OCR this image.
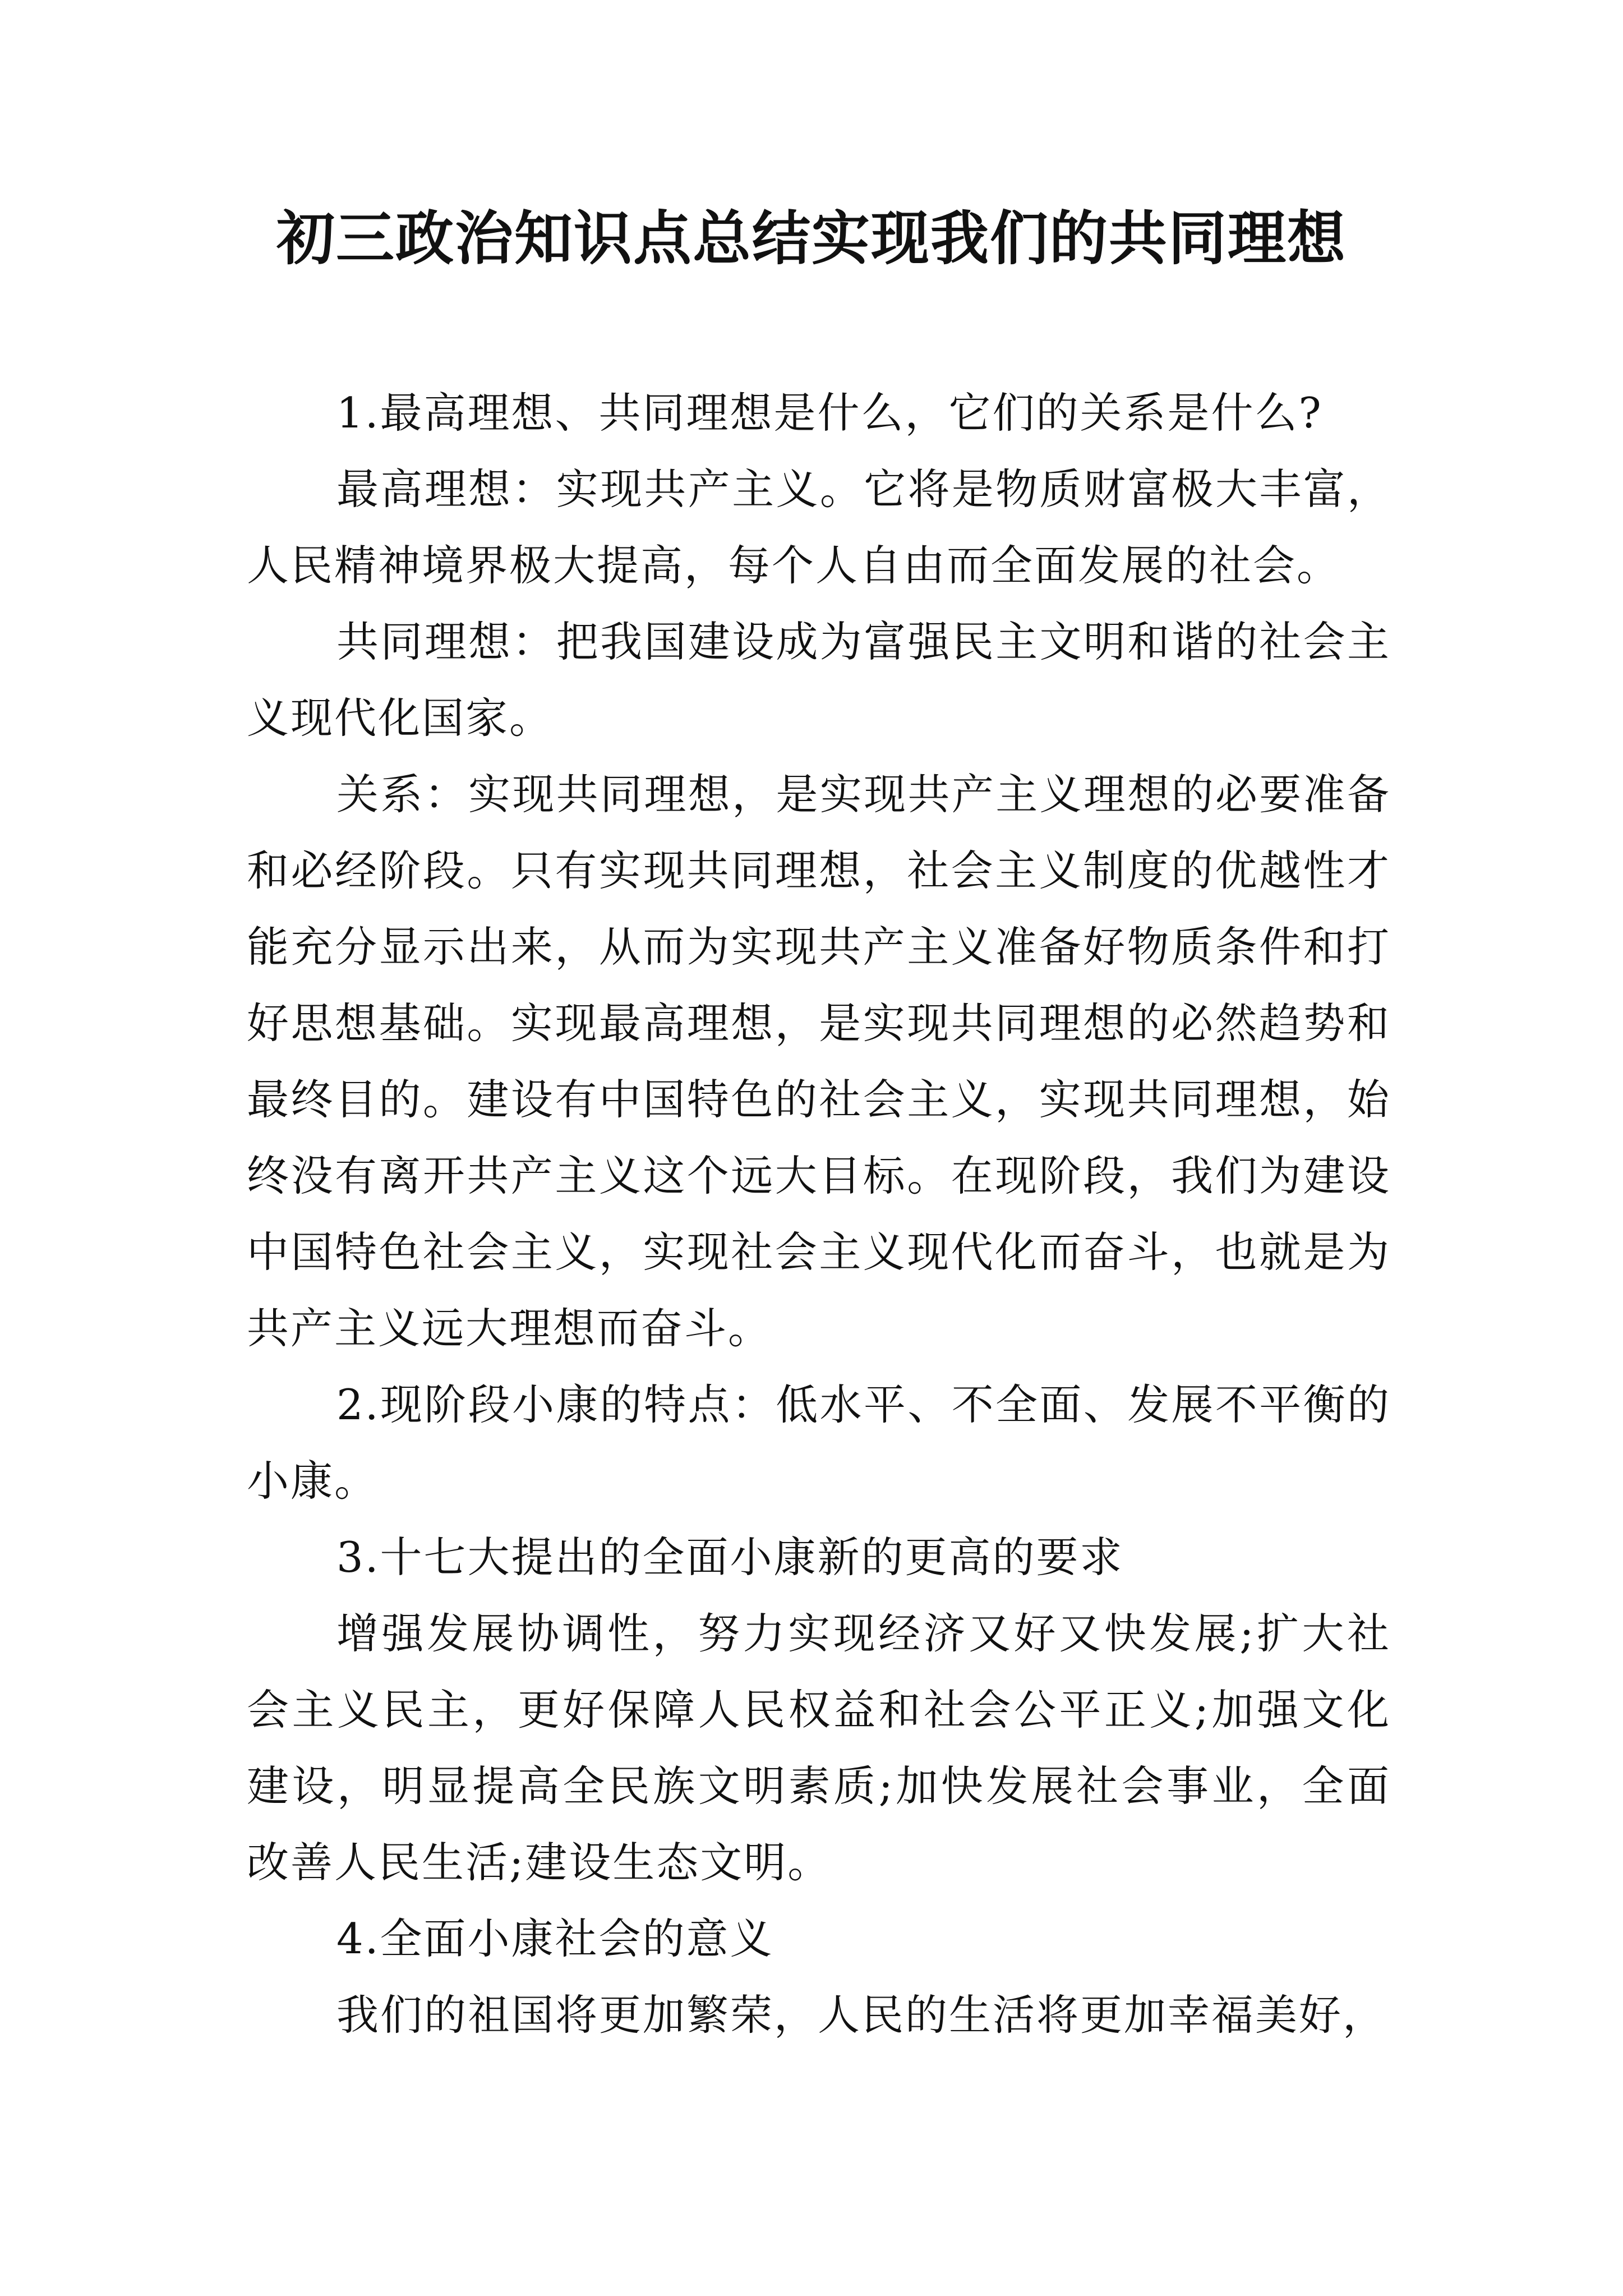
初三政治知识点总结实现我们的共同理想

1.最高理想、共同理想是什么，它们的关系是什么?

最高理想：实现共产主义。它将是物质财富极大丰富，人民精神境界极大提高，每个人自由而全面发展的社会。

共同理想：把我国建设成为富强民主文明和谐的社会主义现代化国家。

关系：实现共同理想，是实现共产主义理想的必要准备和必经阶段。只有实现共同理想，社会主义制度的优越性才能充分显示出来，从而为实现共产主义准备好物质条件和打好思想基础。实现最高理想，是实现共同理想的必然趋势和最终目的。建设有中国特色的社会主义，实现共同理想，始终没有离开共产主义这个远大目标。在现阶段，我们为建设中国特色社会主义，实现社会主义现代化而奋斗，也就是为共产主义远大理想而奋斗。

2.现阶段小康的特点：低水平、不全面、发展不平衡的小康。

3.十七大提出的全面小康新的更高的要求

增强发展协调性，努力实现经济又好又快发展;扩大社会主义民主，更好保障人民权益和社会公平正义;加强文化建设，明显提高全民族文明素质;加快发展社会事业，全面改善人民生活;建设生态文明。

4.全面小康社会的意义

我们的祖国将更加繁荣，人民的生活将更加幸福美好，
